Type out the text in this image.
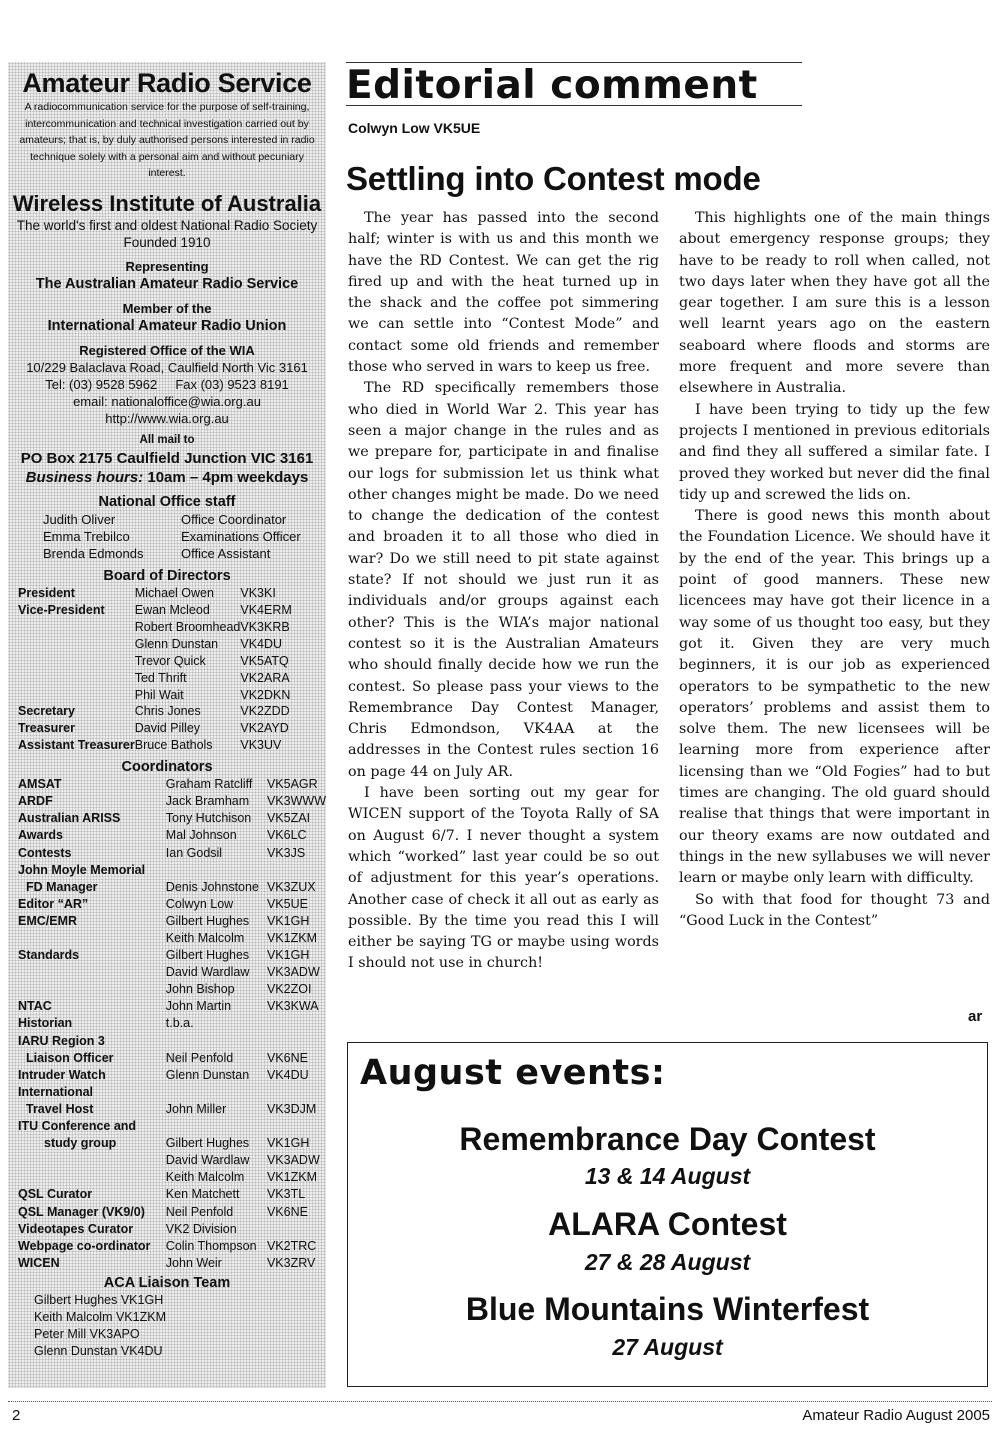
Amateur Radio Service
A radiocommunication service for the purpose of self-training, intercommunication and technical investigation carried out by amateurs; that is, by duly authorised persons interested in radio technique solely with a personal aim and without pecuniary interest.
Wireless Institute of Australia
The world's first and oldest National Radio Society
Founded 1910
Representing
The Australian Amateur Radio Service
Member of the
International Amateur Radio Union
Registered Office of the WIA
10/229 Balaclava Road, Caulfield North Vic 3161
Tel: (03) 9528 5962 Fax (03) 9523 8191
email: nationaloffice@wia.org.au
http://www.wia.org.au
All mail to
PO Box 2175 Caulfield Junction VIC 3161
Business hours: 10am – 4pm weekdays
National Office staff
Judith Oliver	Office Coordinator
Emma Trebilco	Examinations Officer
Brenda Edmonds	Office Assistant
Board of Directors
President	Michael Owen	VK3KI
Vice-President	Ewan Mcleod	VK4ERM
	Robert Broomhead	VK3KRB
	Glenn Dunstan	VK4DU
	Trevor Quick	VK5ATQ
	Ted Thrift	VK2ARA
	Phil Wait	VK2DKN
Secretary	Chris Jones	VK2ZDD
Treasurer	David Pilley	VK2AYD
Assistant Treasurer	Bruce Bathols	VK3UV
Coordinators
AMSAT	Graham Ratcliff	VK5AGR
ARDF	Jack Bramham	VK3WWW
Australian ARISS	Tony Hutchison	VK5ZAI
Awards	Mal Johnson	VK6LC
Contests	Ian Godsil	VK3JS
John Moyle Memorial		
FD Manager	Denis Johnstone	VK3ZUX
Editor “AR”	Colwyn Low	VK5UE
EMC/EMR	Gilbert Hughes	VK1GH
	Keith Malcolm	VK1ZKM
Standards	Gilbert Hughes	VK1GH
	David Wardlaw	VK3ADW
	John Bishop	VK2ZOI
NTAC	John Martin	VK3KWA
Historian	t.b.a.	
IARU Region 3		
Liaison Officer	Neil Penfold	VK6NE
Intruder Watch	Glenn Dunstan	VK4DU
International		
Travel Host	John Miller	VK3DJM
ITU Conference and		
study group	Gilbert Hughes	VK1GH
	David Wardlaw	VK3ADW
	Keith Malcolm	VK1ZKM
QSL Curator	Ken Matchett	VK3TL
QSL Manager (VK9/0)	Neil Penfold	VK6NE
Videotapes Curator	VK2 Division	
Webpage co-ordinator	Colin Thompson	VK2TRC
WICEN	John Weir	VK3ZRV
ACA Liaison Team
Gilbert Hughes VK1GH
Keith Malcolm VK1ZKM
Peter Mill VK3APO
Glenn Dunstan VK4DU
Editorial comment
Colwyn Low VK5UE
Settling into Contest mode

The year has passed into the second half; winter is with us and this month we have the RD Contest. We can get the rig fired up and with the heat turned up in the shack and the coffee pot simmering we can settle into “Contest Mode” and contact some old friends and remember those who served in wars to keep us free.

The RD specifically remembers those who died in World War 2. This year has seen a major change in the rules and as we prepare for, participate in and finalise our logs for submission let us think what other changes might be made. Do we need to change the dedication of the contest and broaden it to all those who died in war? Do we still need to pit state against state? If not should we just run it as individuals and/or groups against each other? This is the WIA’s major national contest so it is the Australian Amateurs who should finally decide how we run the contest. So please pass your views to the Remembrance Day Contest Manager, Chris Edmondson, VK4AA at the addresses in the Contest rules section 16 on page 44 on July AR.

I have been sorting out my gear for WICEN support of the Toyota Rally of SA on August 6/7. I never thought a system which “worked” last year could be so out of adjustment for this year’s operations. Another case of check it all out as early as possible. By the time you read this I will either be saying TG or maybe using words I should not use in church!

This highlights one of the main things about emergency response groups; they have to be ready to roll when called, not two days later when they have got all the gear together. I am sure this is a lesson well learnt years ago on the eastern seaboard where floods and storms are more frequent and more severe than elsewhere in Australia.

I have been trying to tidy up the few projects I mentioned in previous editorials and find they all suffered a similar fate. I proved they worked but never did the final tidy up and screwed the lids on.

There is good news this month about the Foundation Licence. We should have it by the end of the year. This brings up a point of good manners. These new licencees may have got their licence in a way some of us thought too easy, but they got it. Given they are very much beginners, it is our job as experienced operators to be sympathetic to the new operators’ problems and assist them to solve them. The new licensees will be learning more from experience after licensing than we “Old Fogies” had to but times are changing. The old guard should realise that things that were important in our theory exams are now outdated and things in the new syllabuses we will never learn or maybe only learn with difficulty.

So with that food for thought 73 and “Good Luck in the Contest”

ar
August events:
Remembrance Day Contest
13 & 14 August
ALARA Contest
27 & 28 August
Blue Mountains Winterfest
27 August
2	Amateur Radio August 2005
